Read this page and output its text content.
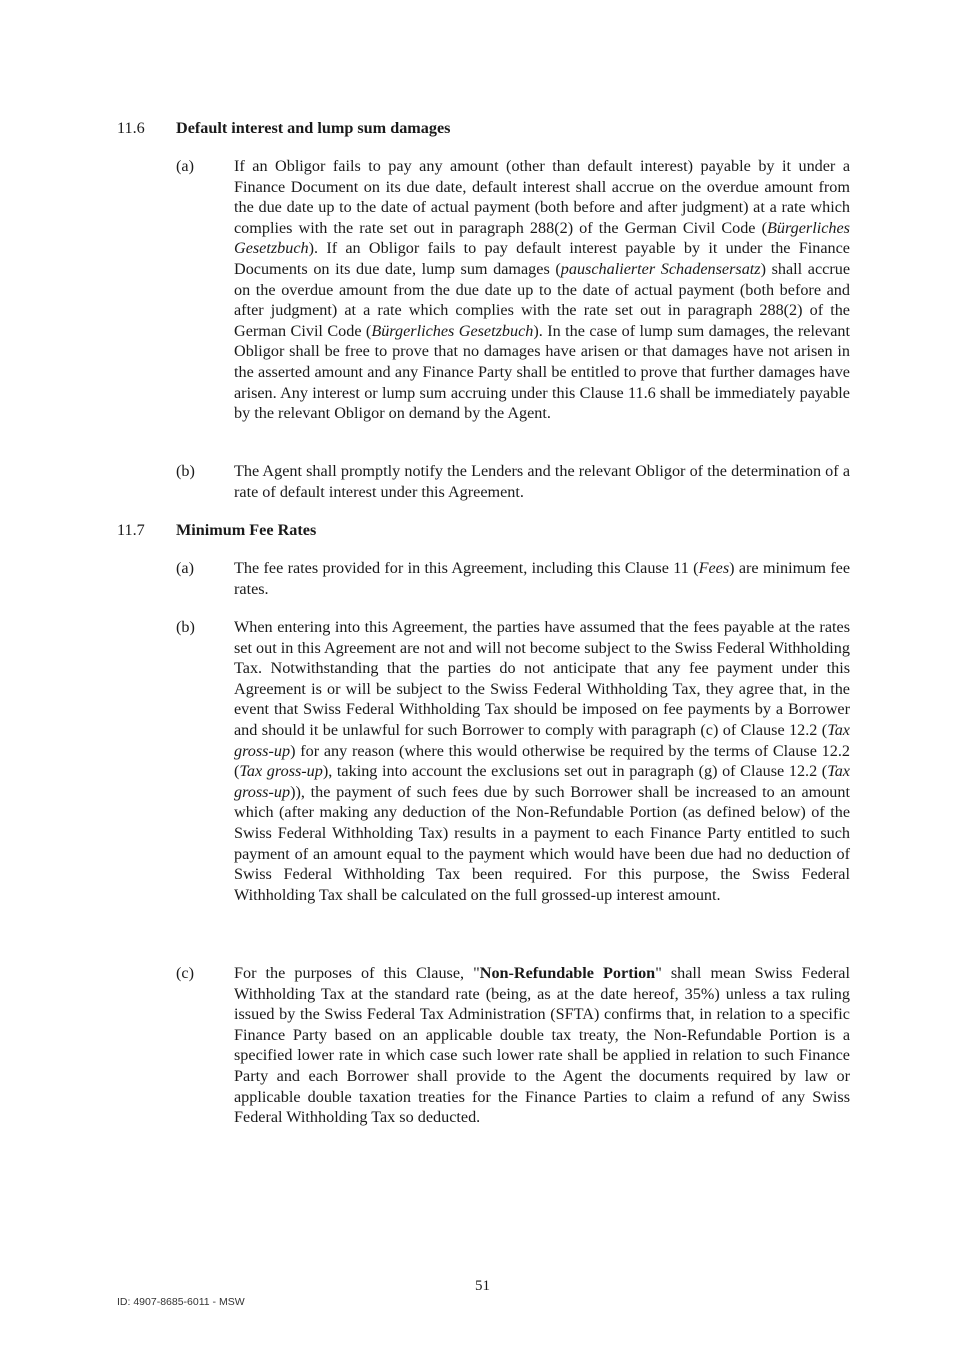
11.6 Default interest and lump sum damages
(a) If an Obligor fails to pay any amount (other than default interest) payable by it under a Finance Document on its due date, default interest shall accrue on the overdue amount from the due date up to the date of actual payment (both before and after judgment) at a rate which complies with the rate set out in paragraph 288(2) of the German Civil Code (Bürgerliches Gesetzbuch). If an Obligor fails to pay default interest payable by it under the Finance Documents on its due date, lump sum damages (pauschalierter Schadensersatz) shall accrue on the overdue amount from the due date up to the date of actual payment (both before and after judgment) at a rate which complies with the rate set out in paragraph 288(2) of the German Civil Code (Bürgerliches Gesetzbuch). In the case of lump sum damages, the relevant Obligor shall be free to prove that no damages have arisen or that damages have not arisen in the asserted amount and any Finance Party shall be entitled to prove that further damages have arisen. Any interest or lump sum accruing under this Clause 11.6 shall be immediately payable by the relevant Obligor on demand by the Agent.
(b) The Agent shall promptly notify the Lenders and the relevant Obligor of the determination of a rate of default interest under this Agreement.
11.7 Minimum Fee Rates
(a) The fee rates provided for in this Agreement, including this Clause 11 (Fees) are minimum fee rates.
(b) When entering into this Agreement, the parties have assumed that the fees payable at the rates set out in this Agreement are not and will not become subject to the Swiss Federal Withholding Tax. Notwithstanding that the parties do not anticipate that any fee payment under this Agreement is or will be subject to the Swiss Federal Withholding Tax, they agree that, in the event that Swiss Federal Withholding Tax should be imposed on fee payments by a Borrower and should it be unlawful for such Borrower to comply with paragraph (c) of Clause 12.2 (Tax gross-up) for any reason (where this would otherwise be required by the terms of Clause 12.2 (Tax gross-up), taking into account the exclusions set out in paragraph (g) of Clause 12.2 (Tax gross-up)), the payment of such fees due by such Borrower shall be increased to an amount which (after making any deduction of the Non-Refundable Portion (as defined below) of the Swiss Federal Withholding Tax) results in a payment to each Finance Party entitled to such payment of an amount equal to the payment which would have been due had no deduction of Swiss Federal Withholding Tax been required. For this purpose, the Swiss Federal Withholding Tax shall be calculated on the full grossed-up interest amount.
(c) For the purposes of this Clause, "Non-Refundable Portion" shall mean Swiss Federal Withholding Tax at the standard rate (being, as at the date hereof, 35%) unless a tax ruling issued by the Swiss Federal Tax Administration (SFTA) confirms that, in relation to a specific Finance Party based on an applicable double tax treaty, the Non-Refundable Portion is a specified lower rate in which case such lower rate shall be applied in relation to such Finance Party and each Borrower shall provide to the Agent the documents required by law or applicable double taxation treaties for the Finance Parties to claim a refund of any Swiss Federal Withholding Tax so deducted.
51
ID: 4907-8685-6011 - MSW
